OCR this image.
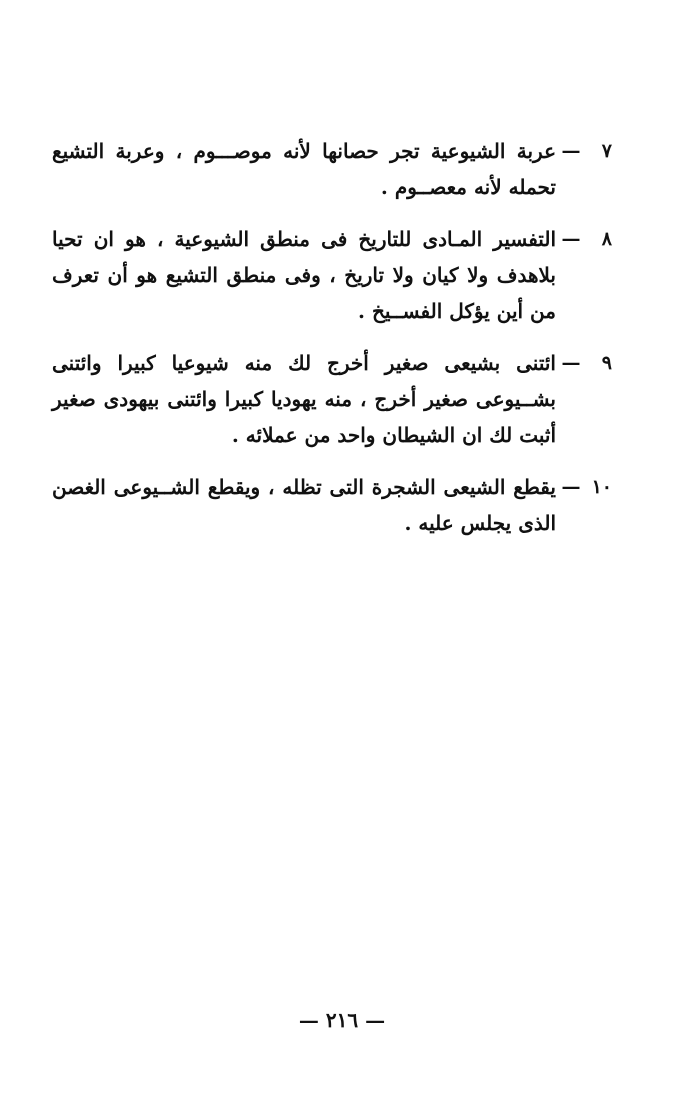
٧
—
عربة الشيوعية تجر حصانها لأنه موصـــوم ، وعربة التشيع تحمله لأنه معصــوم .
٨
—
التفسير المـادى للتاريخ فى منطق الشيوعية ، هو ان تحيا بلاهدف ولا كيان ولا تاريخ ، وفى منطق التشيع هو أن تعرف من أين يؤكل الفســيخ .
٩
—
ائتنى بشيعى صغير أخرج لك منه شيوعيا كبيرا وائتنى بشــيوعى صغير أخرج ، منه يهوديا كبيرا وائتنى بيهودى صغير أثبت لك ان الشيطان واحد من عملائه .
١٠
—
يقطع الشيعى الشجرة التى تظله ، ويقطع الشــيوعى الغصن الذى يجلس عليه .
— ٢١٦ —
